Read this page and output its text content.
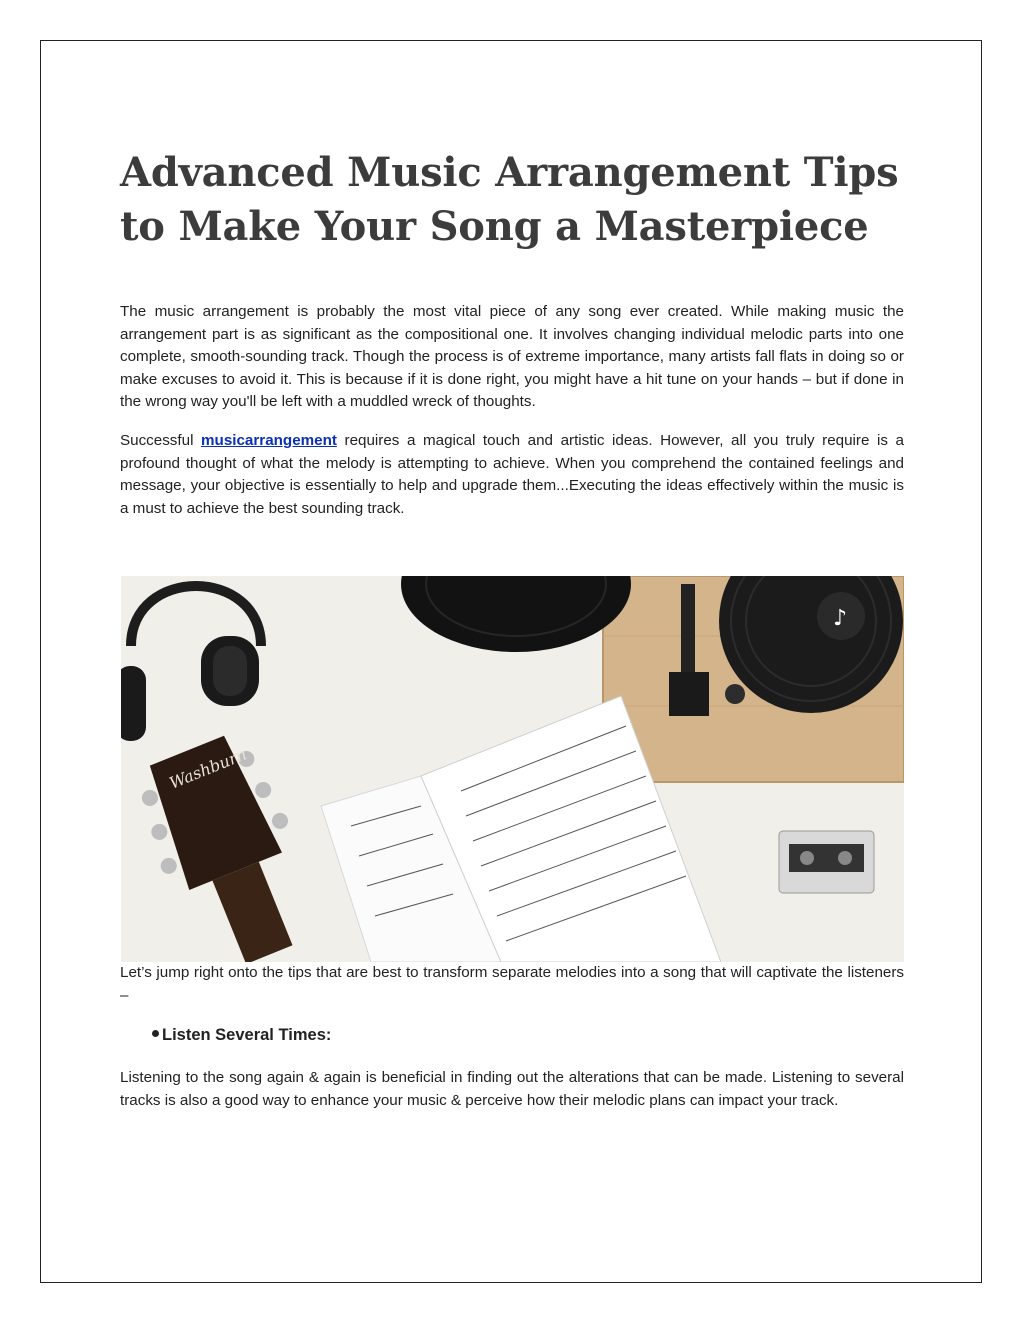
Advanced Music Arrangement Tips to Make Your Song a Masterpiece

The music arrangement is probably the most vital piece of any song ever created. While making music the arrangement part is as significant as the compositional one. It involves changing individual melodic parts into one complete, smooth-sounding track. Though the process is of extreme importance, many artists fall flats in doing so or make excuses to avoid it. This is because if it is done right, you might have a hit tune on your hands – but if done in the wrong way you'll be left with a muddled wreck of thoughts.

Successful musicarrangement requires a magical touch and artistic ideas. However, all you truly require is a profound thought of what the melody is attempting to achieve. When you comprehend the contained feelings and message, your objective is essentially to help and upgrade them...Executing the ideas effectively within the music is a must to achieve the best sounding track.

♪
Washburn

Let’s jump right onto the tips that are best to transform separate melodies into a song that will captivate the listeners –

Listen Several Times:

Listening to the song again & again is beneficial in finding out the alterations that can be made. Listening to several tracks is also a good way to enhance your music & perceive how their melodic plans can impact your track.
